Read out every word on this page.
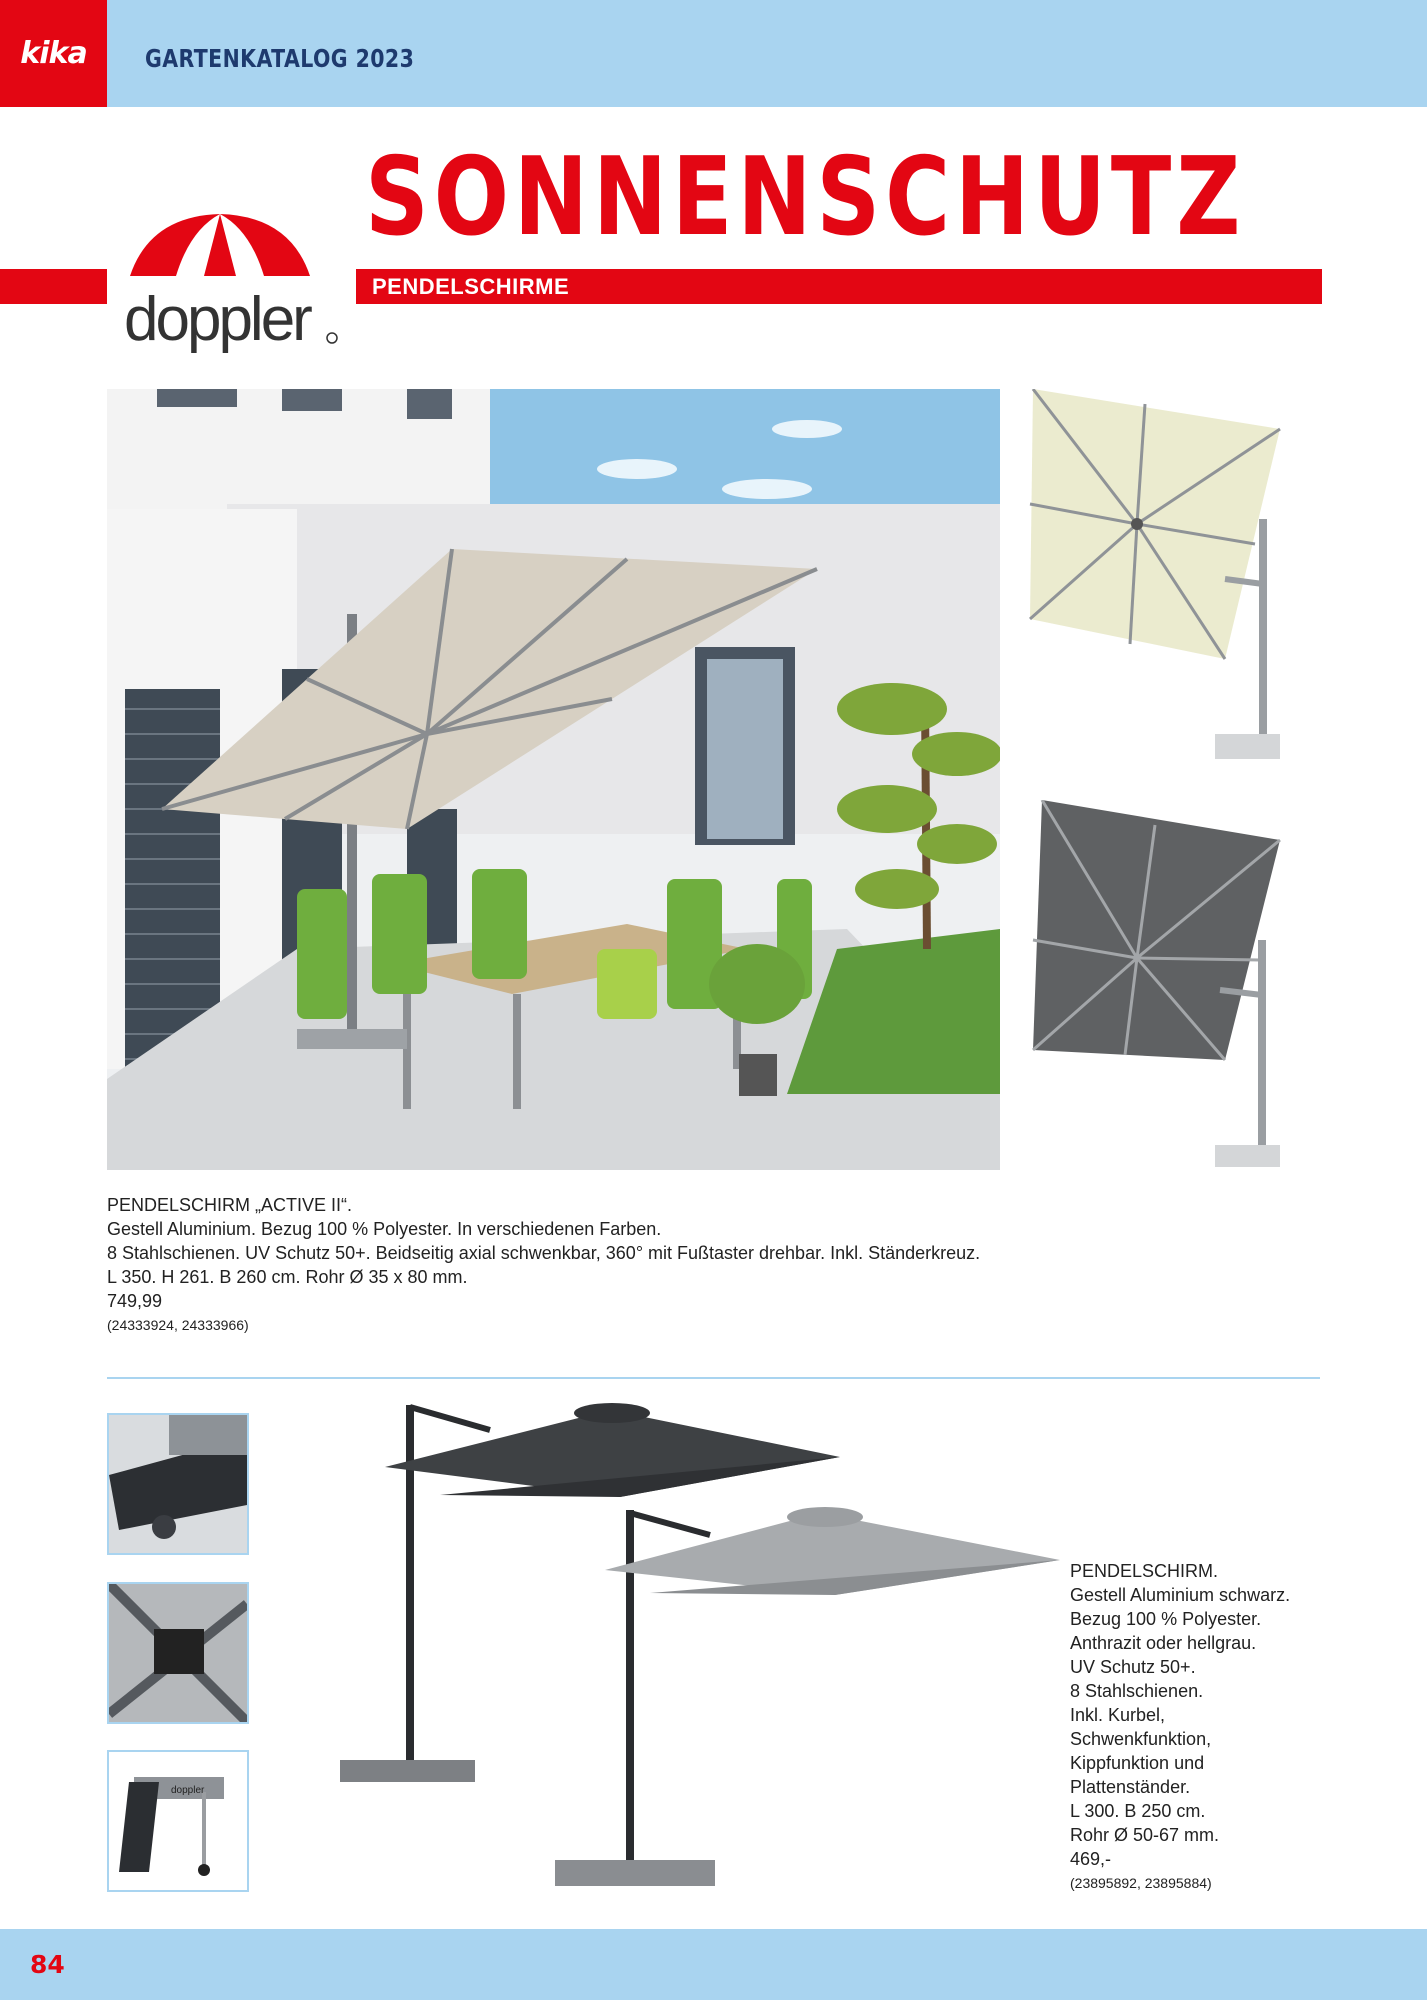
kika GARTENKATALOG 2023
SONNENSCHUTZ
PENDELSCHIRME
doppler
PENDELSCHIRM „ACTIVE II“.
Gestell Aluminium. Bezug 100 % Polyester. In verschiedenen Farben.
8 Stahlschienen. UV Schutz 50+. Beidseitig axial schwenkbar, 360° mit Fußtaster drehbar. Inkl. Ständerkreuz.
L 350. H 261. B 260 cm. Rohr Ø 35 x 80 mm.
749,99
(24333924, 24333966)
doppler
PENDELSCHIRM.
Gestell Aluminium schwarz.
Bezug 100 % Polyester.
Anthrazit oder hellgrau.
UV Schutz 50+.
8 Stahlschienen.
Inkl. Kurbel,
Schwenkfunktion,
Kippfunktion und
Plattenständer.
L 300. B 250 cm.
Rohr Ø 50-67 mm.
469,-
(23895892, 23895884)
84
